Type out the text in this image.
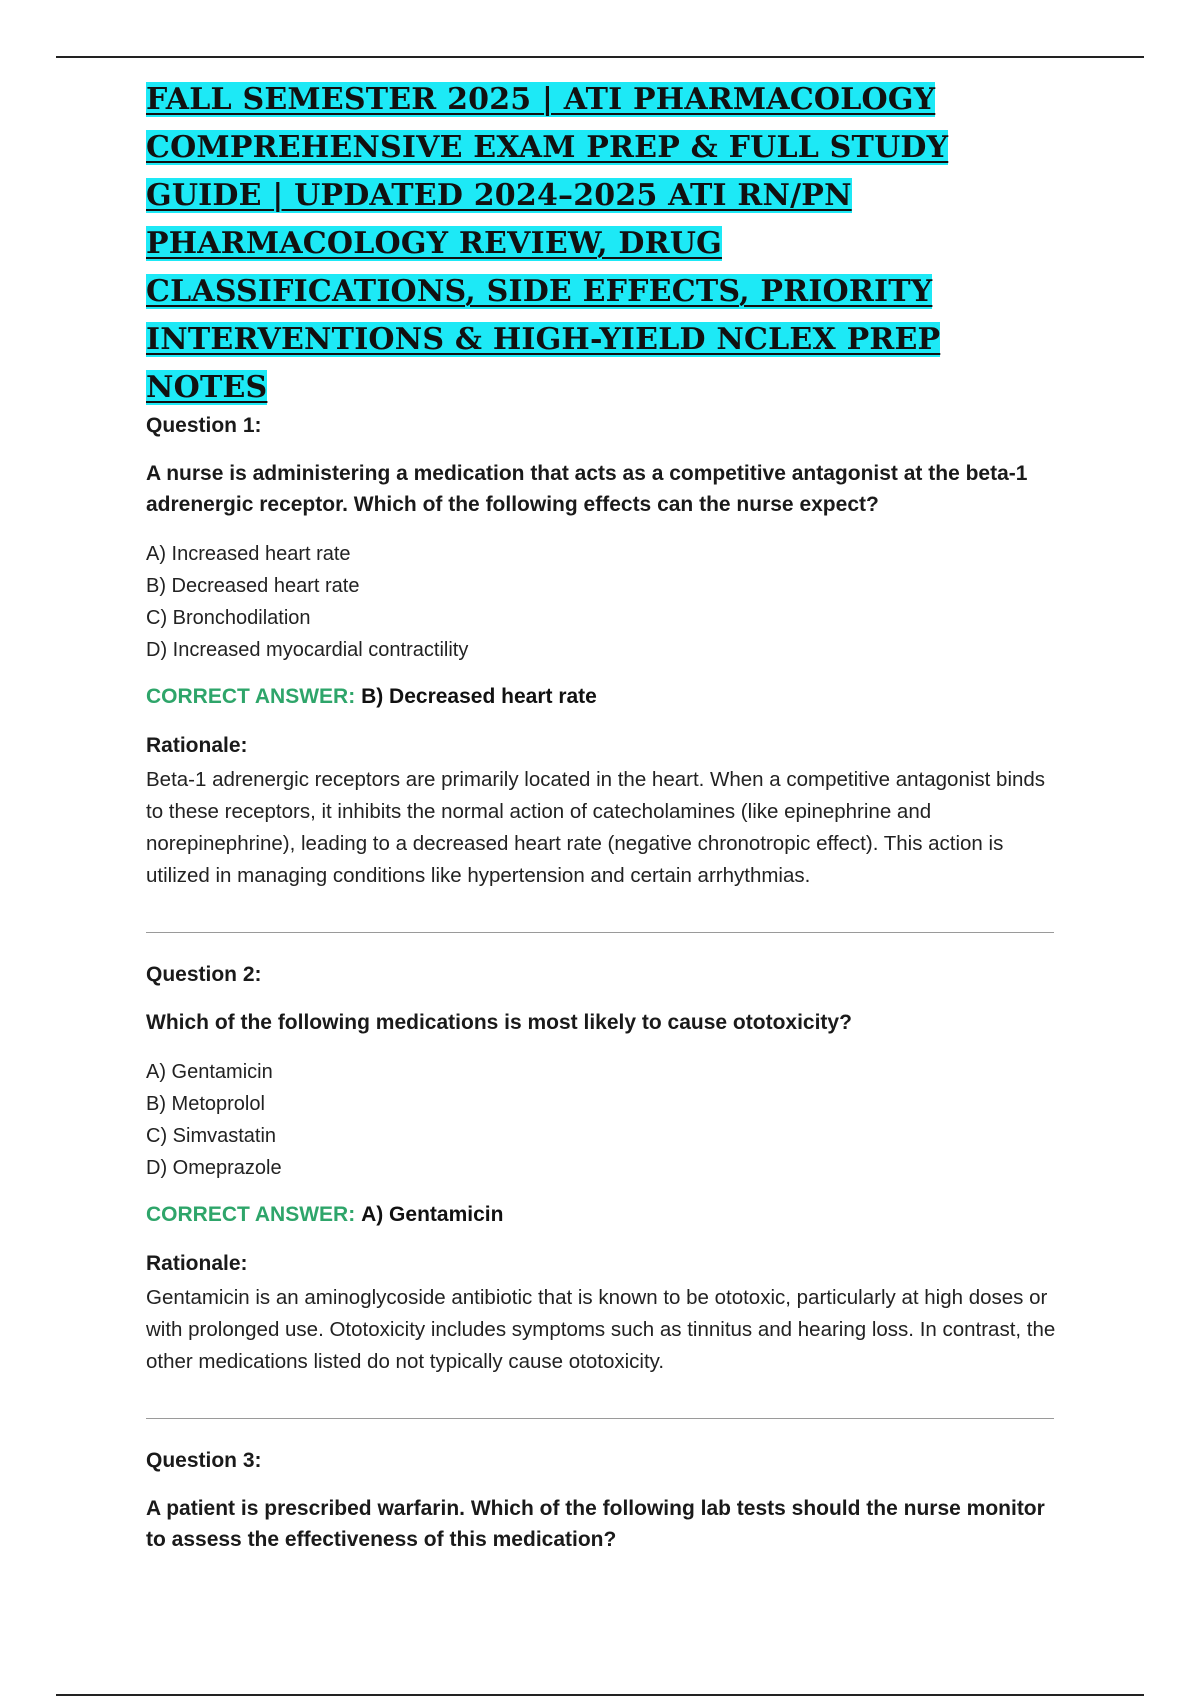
FALL SEMESTER 2025 | ATI PHARMACOLOGY COMPREHENSIVE EXAM PREP & FULL STUDY GUIDE | UPDATED 2024–2025 ATI RN/PN PHARMACOLOGY REVIEW, DRUG CLASSIFICATIONS, SIDE EFFECTS, PRIORITY INTERVENTIONS & HIGH-YIELD NCLEX PREP NOTES

Question 1:

A nurse is administering a medication that acts as a competitive antagonist at the beta-1 adrenergic receptor. Which of the following effects can the nurse expect?

A) Increased heart rate
B) Decreased heart rate
C) Bronchodilation
D) Increased myocardial contractility

CORRECT ANSWER: B) Decreased heart rate

Rationale:

Beta-1 adrenergic receptors are primarily located in the heart. When a competitive antagonist binds to these receptors, it inhibits the normal action of catecholamines (like epinephrine and norepinephrine), leading to a decreased heart rate (negative chronotropic effect). This action is utilized in managing conditions like hypertension and certain arrhythmias.

Question 2:

Which of the following medications is most likely to cause ototoxicity?

A) Gentamicin
B) Metoprolol
C) Simvastatin
D) Omeprazole

CORRECT ANSWER: A) Gentamicin

Rationale:

Gentamicin is an aminoglycoside antibiotic that is known to be ototoxic, particularly at high doses or with prolonged use. Ototoxicity includes symptoms such as tinnitus and hearing loss. In contrast, the other medications listed do not typically cause ototoxicity.

Question 3:

A patient is prescribed warfarin. Which of the following lab tests should the nurse monitor to assess the effectiveness of this medication?
